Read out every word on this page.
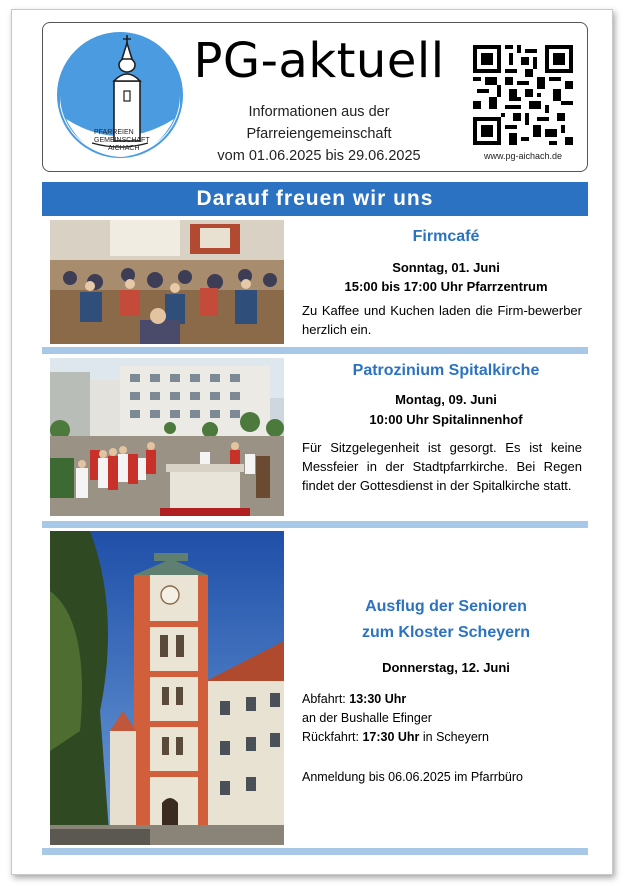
PFARREIEN
GEMEINSCHAFT
AICHACH
PG-aktuell
Informationen aus der
Pfarreiengemeinschaft
vom 01.06.2025 bis 29.06.2025	www.pg-aichach.de
Darauf freuen wir uns
Firmcafé
Sonntag, 01. Juni
15:00 bis 17:00 Uhr Pfarrzentrum
Zu Kaffee und Kuchen laden die Firm-bewerber herzlich ein.
Patrozinium Spitalkirche
Montag, 09. Juni
10:00 Uhr Spitalinnenhof
Für Sitzgelegenheit ist gesorgt. Es ist keine Messfeier in der Stadtpfarrkirche. Bei Regen findet der Gottesdienst in der Spitalkirche statt.
Ausflug der Senioren
zum Kloster Scheyern
Donnerstag, 12. Juni
Abfahrt: 13:30 Uhr
an der Bushalle Efinger
Rückfahrt: 17:30 Uhr in Scheyern
Anmeldung bis 06.06.2025 im Pfarrbüro
